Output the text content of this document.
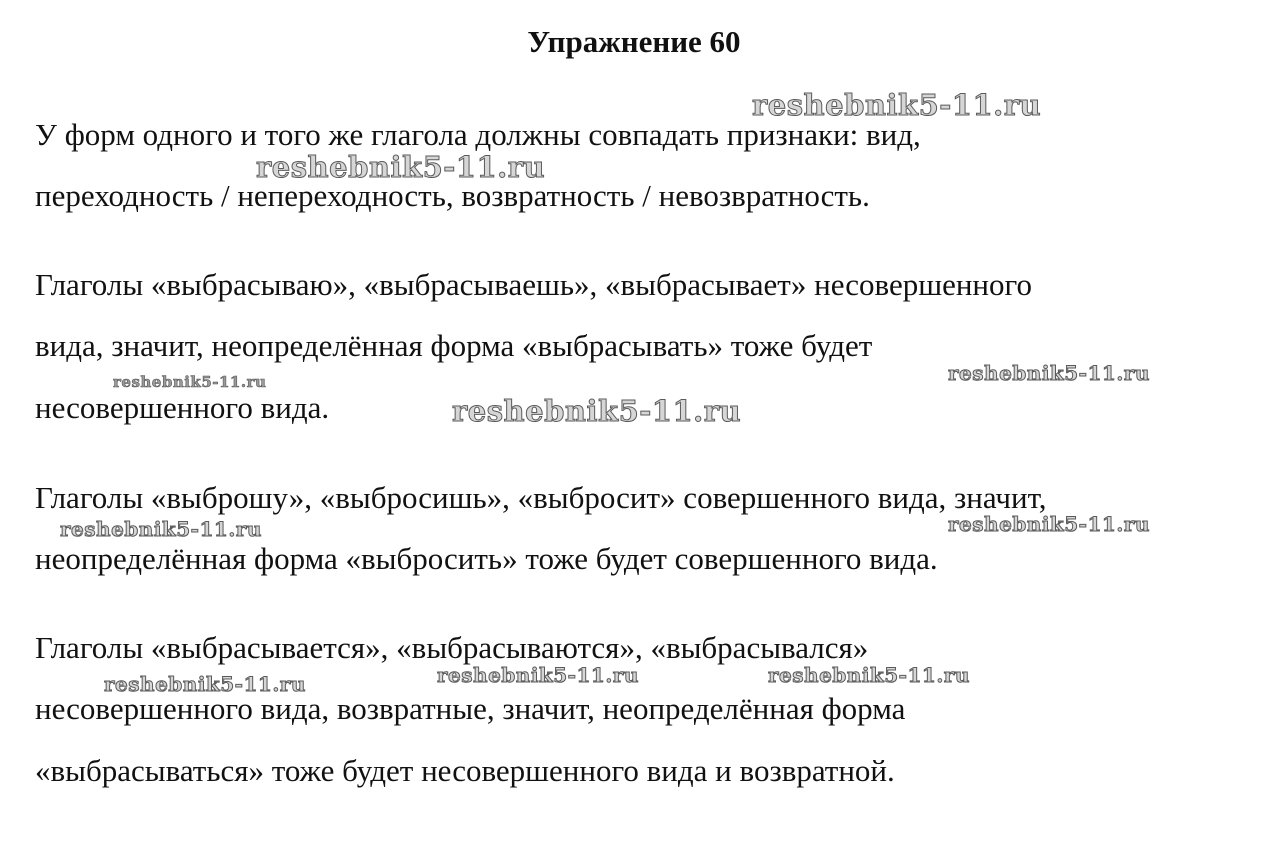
Упражнение 60

У форм одного и того же глагола должны совпадать признаки: вид,

переходность / непереходность, возвратность / невозвратность.

Глаголы «выбрасываю», «выбрасываешь», «выбрасывает» несовершенного

вида, значит, неопределённая форма «выбрасывать» тоже будет

несовершенного вида.

Глаголы «выброшу», «выбросишь», «выбросит» совершенного вида, значит,

неопределённая форма «выбросить» тоже будет совершенного вида.

Глаголы «выбрасывается», «выбрасываются», «выбрасывался»

несовершенного вида, возвратные, значит, неопределённая форма

«выбрасываться» тоже будет несовершенного вида и возвратной.

reshebnik5-11.ru
reshebnik5-11.ru
reshebnik5-11.ru	reshebnik5-11.ru
reshebnik5-11.ru
reshebnik5-11.ru	reshebnik5-11.ru
reshebnik5-11.ru	reshebnik5-11.ru	reshebnik5-11.ru
